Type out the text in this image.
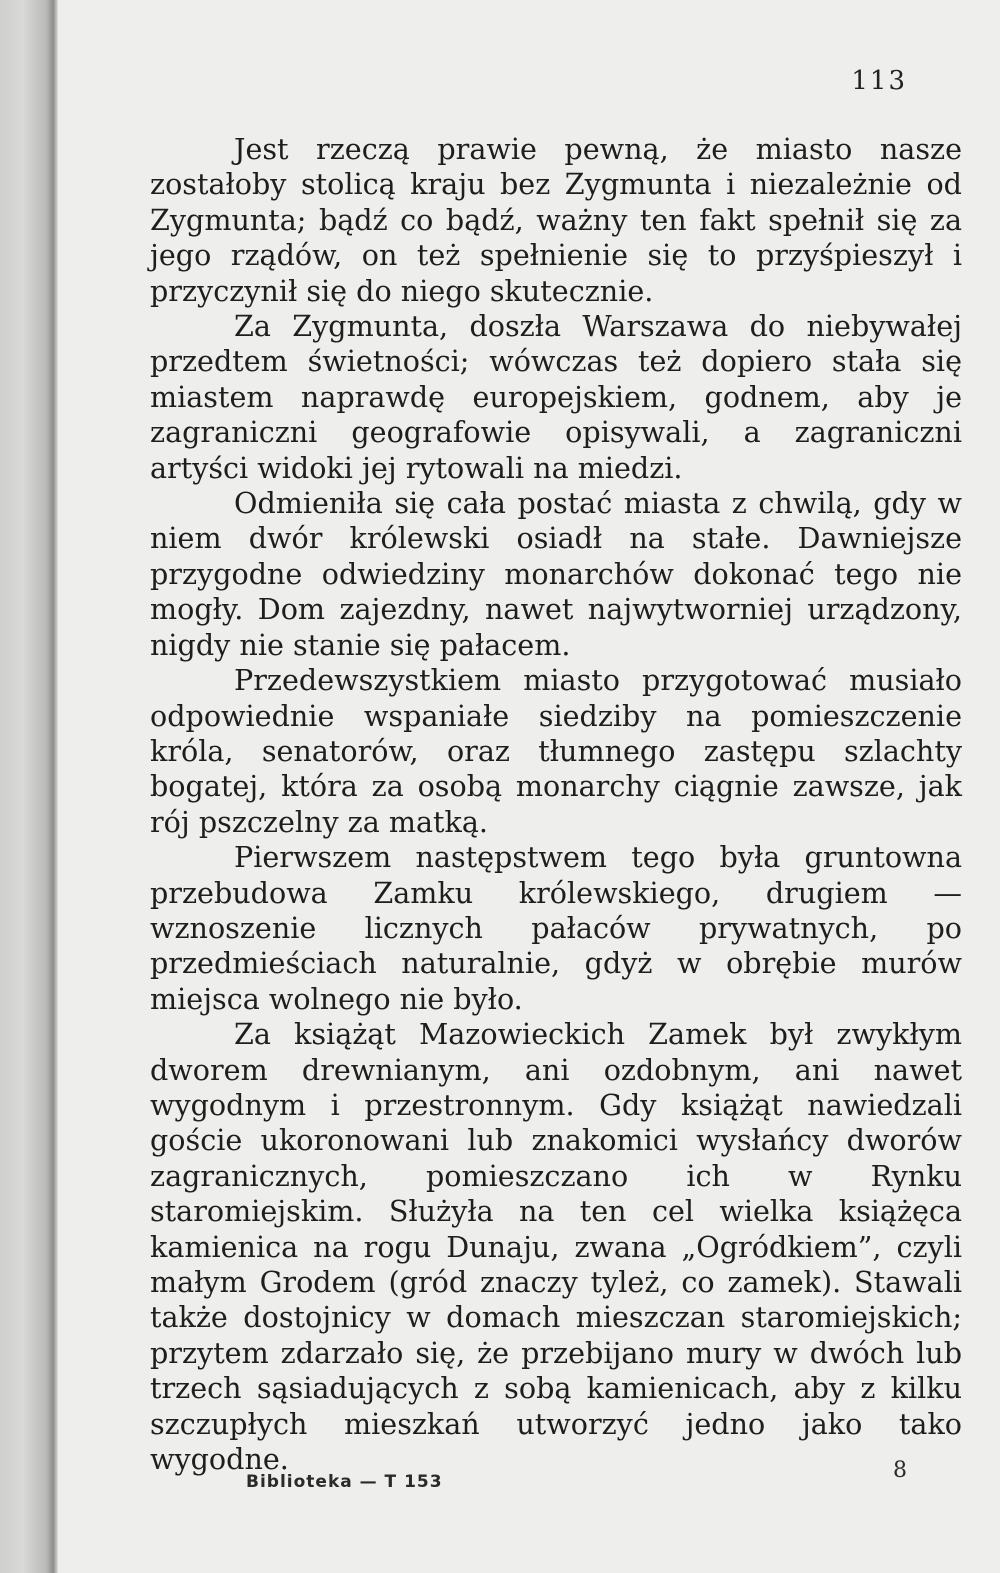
113

Jest rzeczą prawie pewną, że miasto nasze zostałoby stolicą kraju bez Zygmunta i niezależnie od Zygmunta; bądź co bądź, ważny ten fakt spełnił się za jego rządów, on też spełnienie się to przyśpieszył i przyczynił się do niego skutecznie.

Za Zygmunta, doszła Warszawa do niebywałej przedtem świetności; wówczas też dopiero stała się miastem naprawdę europejskiem, godnem, aby je zagraniczni geografowie opisywali, a zagraniczni artyści widoki jej rytowali na miedzi.

Odmieniła się cała postać miasta z chwilą, gdy w niem dwór królewski osiadł na stałe. Dawniejsze przygodne odwiedziny monarchów dokonać tego nie mogły. Dom zajezdny, nawet najwytworniej urządzony, nigdy nie stanie się pałacem.

Przedewszystkiem miasto przygotować musiało odpowiednie wspaniałe siedziby na pomieszczenie króla, senatorów, oraz tłumnego zastępu szlachty bogatej, która za osobą monarchy ciągnie zawsze, jak rój pszczelny za matką.

Pierwszem następstwem tego była gruntowna przebudowa Zamku królewskiego, drugiem — wznoszenie licznych pałaców prywatnych, po przedmieściach naturalnie, gdyż w obrębie murów miejsca wolnego nie było.

Za książąt Mazowieckich Zamek był zwykłym dworem drewnianym, ani ozdobnym, ani nawet wygodnym i przestronnym. Gdy książąt nawiedzali goście ukoronowani lub znakomici wysłańcy dworów zagranicznych, pomieszczano ich w Rynku staromiejskim. Służyła na ten cel wielka książęca kamienica na rogu Dunaju, zwana „Ogródkiem”, czyli małym Grodem (gród znaczy tyleż, co zamek). Stawali także dostojnicy w domach mieszczan staromiejskich; przytem zdarzało się, że przebijano mury w dwóch lub trzech sąsiadujących z sobą kamienicach, aby z kilku szczupłych mieszkań utworzyć jedno jako tako wygodne.

Biblioteka — T 153	8
